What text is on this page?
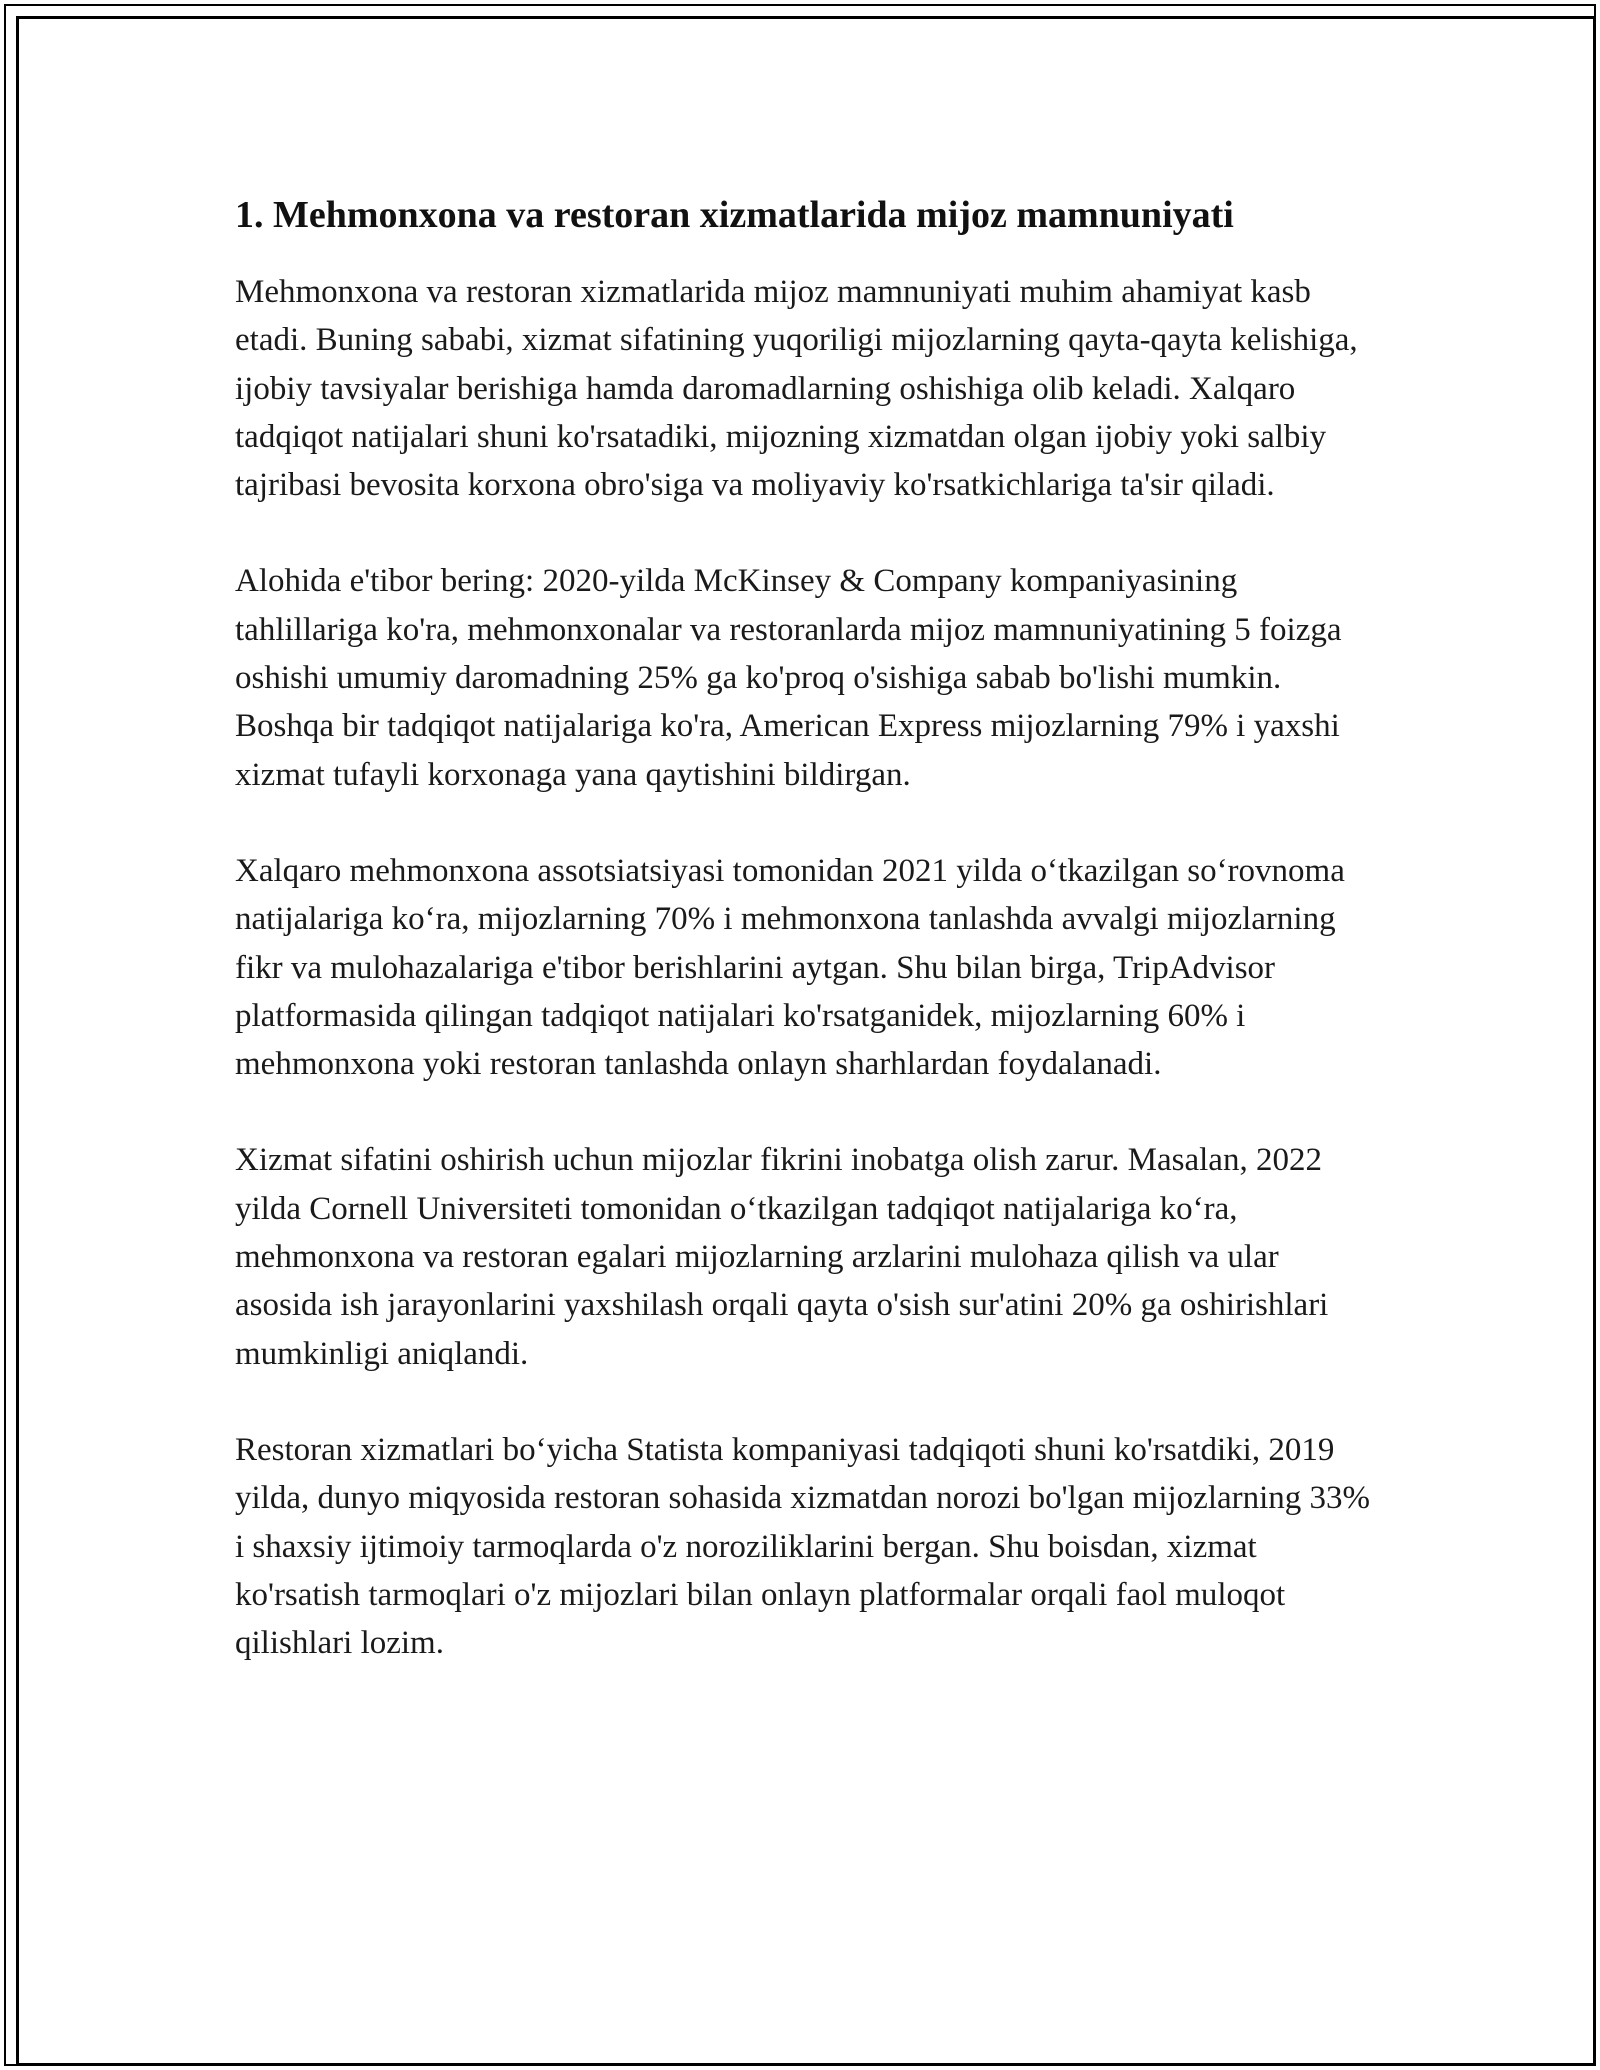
1. Mehmonxona va restoran xizmatlarida mijoz mamnuniyati

Mehmonxona va restoran xizmatlarida mijoz mamnuniyati muhim ahamiyat kasb etadi. Buning sababi, xizmat sifatining yuqoriligi mijozlarning qayta-qayta kelishiga, ijobiy tavsiyalar berishiga hamda daromadlarning oshishiga olib keladi. Xalqaro tadqiqot natijalari shuni ko'rsatadiki, mijozning xizmatdan olgan ijobiy yoki salbiy tajribasi bevosita korxona obro'siga va moliyaviy ko'rsatkichlariga ta'sir qiladi.

Alohida e'tibor bering: 2020-yilda McKinsey & Company kompaniyasining tahlillariga ko'ra, mehmonxonalar va restoranlarda mijoz mamnuniyatining 5 foizga oshishi umumiy daromadning 25% ga ko'proq o'sishiga sabab bo'lishi mumkin. Boshqa bir tadqiqot natijalariga ko'ra, American Express mijozlarning 79% i yaxshi xizmat tufayli korxonaga yana qaytishini bildirgan.

Xalqaro mehmonxona assotsiatsiyasi tomonidan 2021 yilda o‘tkazilgan so‘rovnoma natijalariga ko‘ra, mijozlarning 70% i mehmonxona tanlashda avvalgi mijozlarning fikr va mulohazalariga e'tibor berishlarini aytgan. Shu bilan birga, TripAdvisor platformasida qilingan tadqiqot natijalari ko'rsatganidek, mijozlarning 60% i mehmonxona yoki restoran tanlashda onlayn sharhlardan foydalanadi.

Xizmat sifatini oshirish uchun mijozlar fikrini inobatga olish zarur. Masalan, 2022 yilda Cornell Universiteti tomonidan o‘tkazilgan tadqiqot natijalariga ko‘ra, mehmonxona va restoran egalari mijozlarning arzlarini mulohaza qilish va ular asosida ish jarayonlarini yaxshilash orqali qayta o'sish sur'atini 20% ga oshirishlari mumkinligi aniqlandi.

Restoran xizmatlari bo‘yicha Statista kompaniyasi tadqiqoti shuni ko'rsatdiki, 2019 yilda, dunyo miqyosida restoran sohasida xizmatdan norozi bo'lgan mijozlarning 33% i shaxsiy ijtimoiy tarmoqlarda o'z noroziliklarini bergan. Shu boisdan, xizmat ko'rsatish tarmoqlari o'z mijozlari bilan onlayn platformalar orqali faol muloqot qilishlari lozim.
